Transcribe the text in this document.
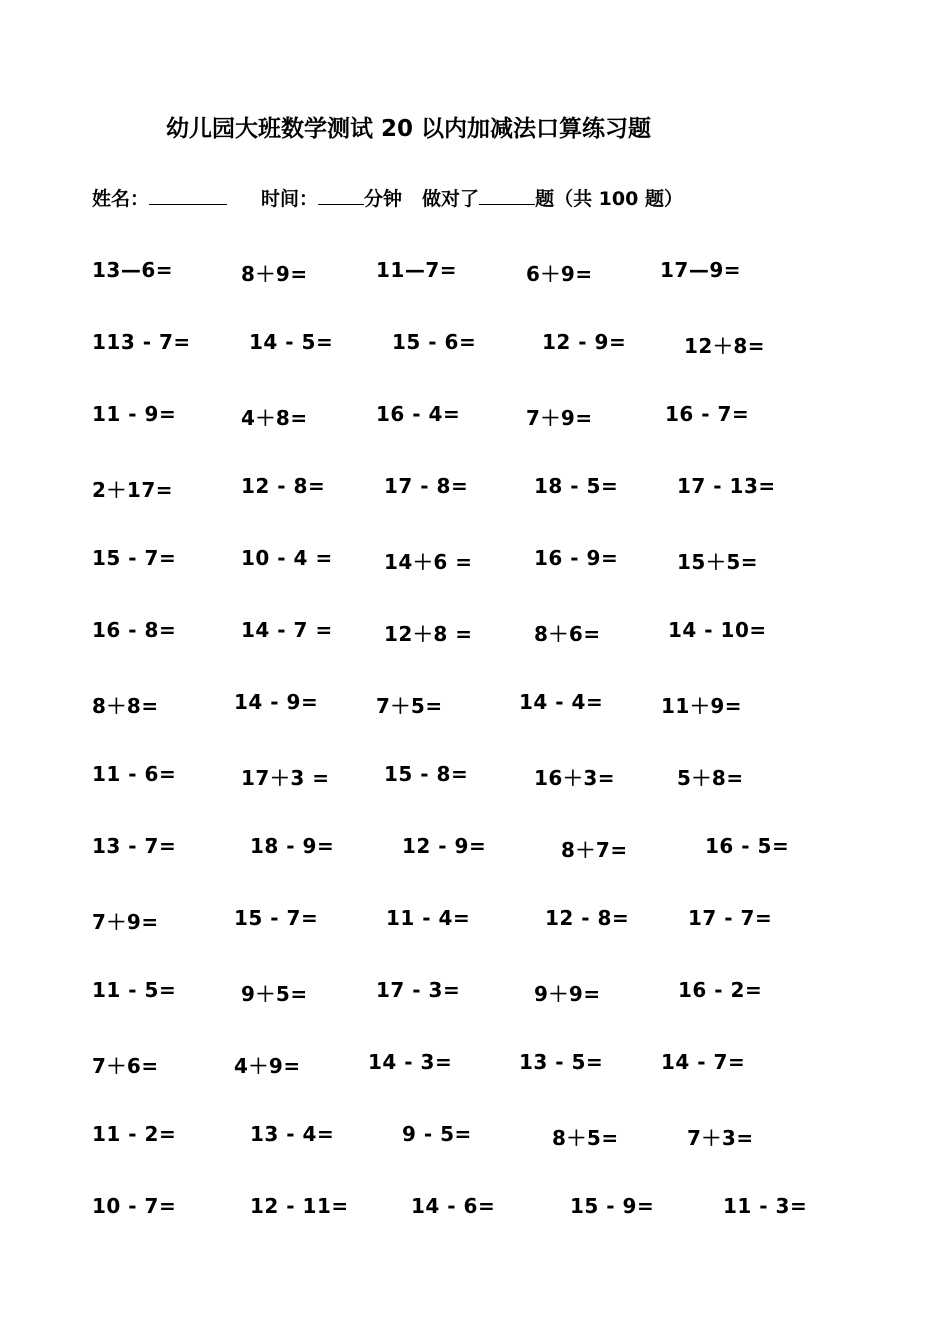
幼儿园大班数学测试 20 以内加减法口算练习题
姓名：	时间： 分钟 做对了	题（共 100 题）
13—6=	8＋9=	11—7=	6＋9=	17—9=
113 - 7=	14 - 5=	15 - 6=	12 - 9=	12＋8=
11 - 9=	4＋8=	16 - 4=	7＋9=	16 - 7=
2＋17=	12 - 8=	17 - 8=	18 - 5=	17 - 13=
15 - 7=	10 - 4 =	14＋6 =	16 - 9=	15＋5=
16 - 8=	14 - 7 =	12＋8 =	8＋6=	14 - 10=
8＋8=	14 - 9=	7＋5=	14 - 4=	11＋9=
11 - 6=	17＋3 =	15 - 8=	16＋3=	5＋8=
13 - 7=	18 - 9=	12 - 9=	8＋7=	16 - 5=
7＋9=	15 - 7=	11 - 4=	12 - 8=	17 - 7=
11 - 5=	9＋5=	17 - 3=	9＋9=	16 - 2=
7＋6=	4＋9=	14 - 3=	13 - 5=	14 - 7=
11 - 2=	13 - 4=	9 - 5=	8＋5=	7＋3=
10 - 7=	12 - 11=	14 - 6=	15 - 9=	11 - 3=
